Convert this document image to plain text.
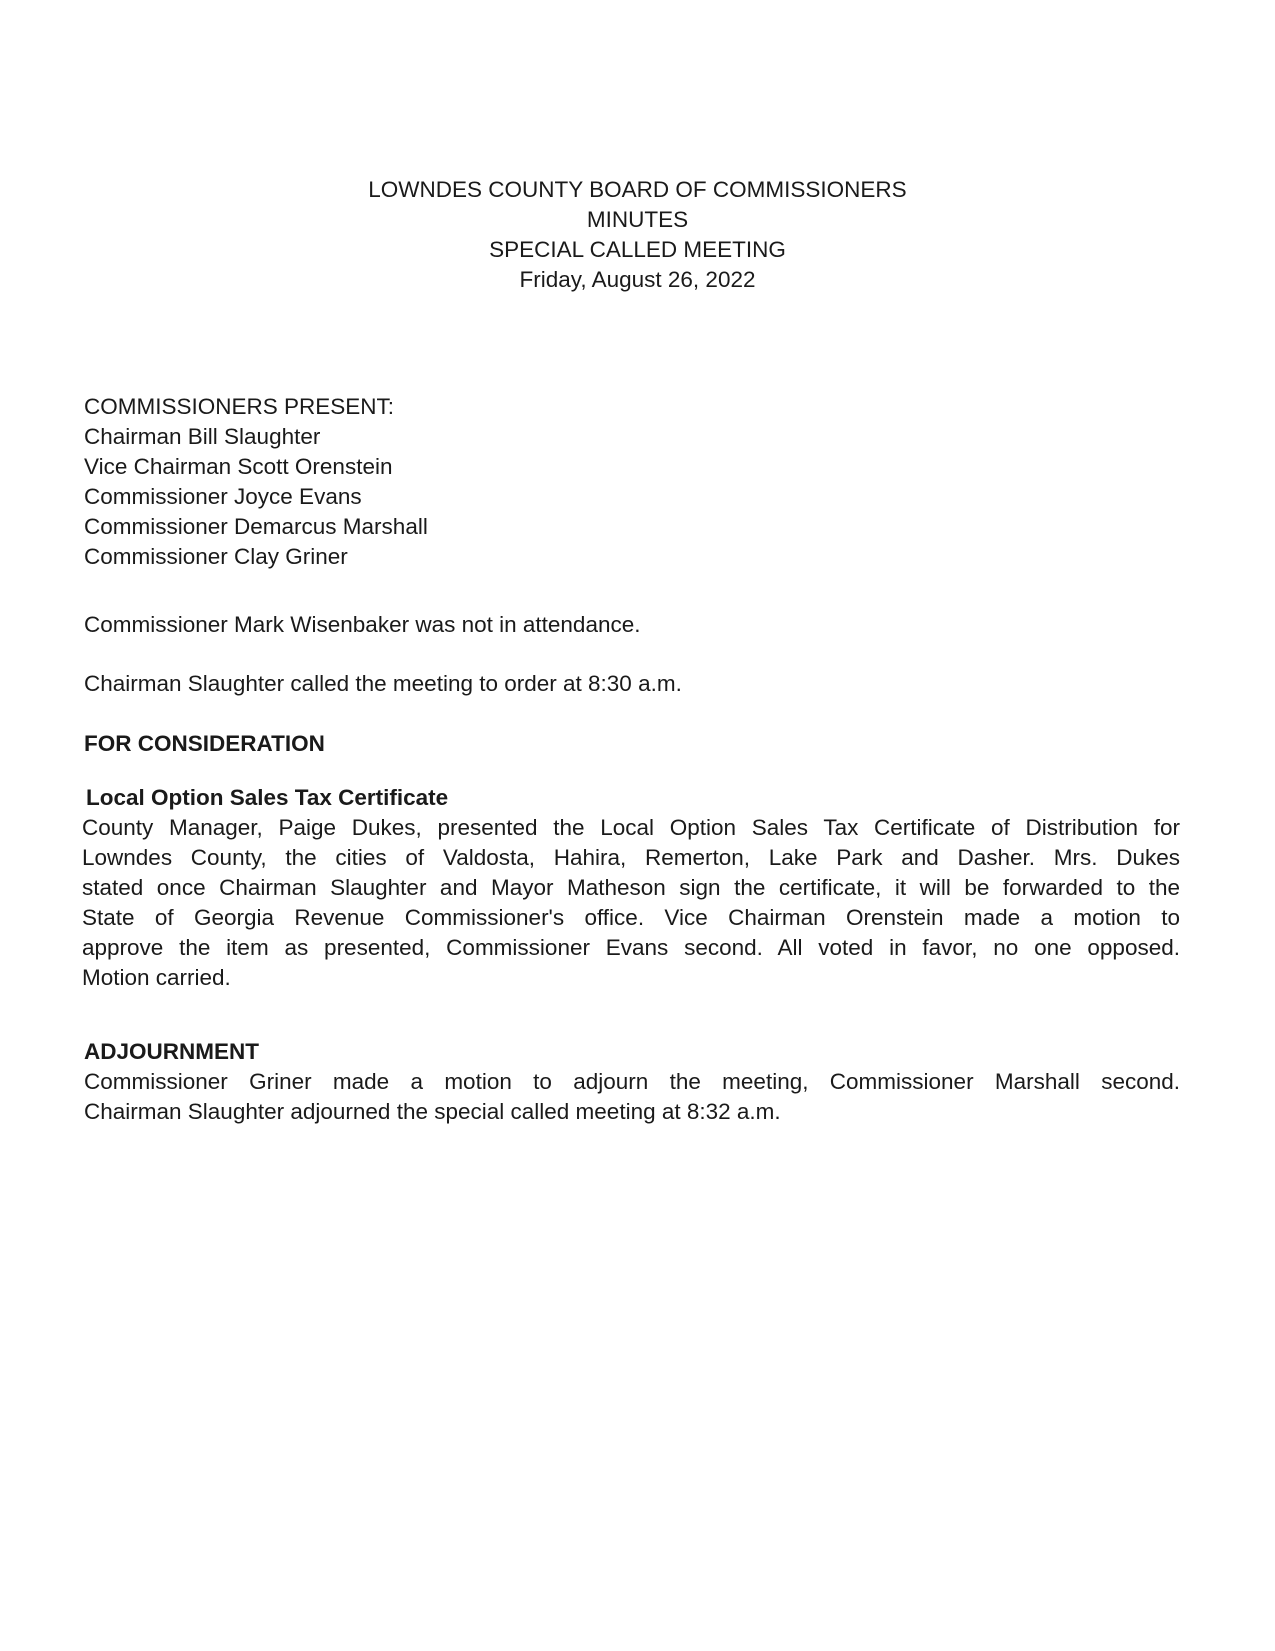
LOWNDES COUNTY BOARD OF COMMISSIONERS
MINUTES
SPECIAL CALLED MEETING
Friday, August 26, 2022
COMMISSIONERS PRESENT:
Chairman Bill Slaughter
Vice Chairman Scott Orenstein
Commissioner Joyce Evans
Commissioner Demarcus Marshall
Commissioner Clay Griner
Commissioner Mark Wisenbaker was not in attendance.
Chairman Slaughter called the meeting to order at 8:30 a.m.
FOR CONSIDERATION
Local Option Sales Tax Certificate
County Manager, Paige Dukes, presented the Local Option Sales Tax Certificate of Distribution for
Lowndes County, the cities of Valdosta, Hahira, Remerton, Lake Park and Dasher. Mrs. Dukes
stated once Chairman Slaughter and Mayor Matheson sign the certificate, it will be forwarded to the
State of Georgia Revenue Commissioner's office. Vice Chairman Orenstein made a motion to
approve the item as presented, Commissioner Evans second. All voted in favor, no one opposed.
Motion carried.
ADJOURNMENT
Commissioner Griner made a motion to adjourn the meeting, Commissioner Marshall second.
Chairman Slaughter adjourned the special called meeting at 8:32 a.m.
